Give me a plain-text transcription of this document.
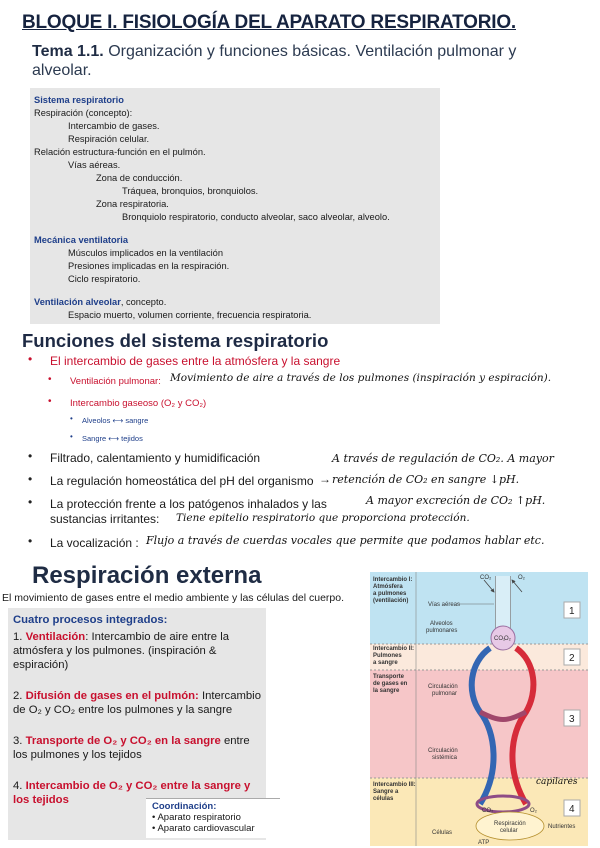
BLOQUE I. FISIOLOGÍA DEL APARATO RESPIRATORIO.
Tema 1.1. Organización y funciones básicas. Ventilación pulmonar y alveolar.
Sistema respiratorio
Respiración (concepto):
Intercambio de gases.
Respiración celular.
Relación estructura-función en el pulmón.
Vías aéreas.
Zona de conducción.
Tráquea, bronquios, bronquiolos.
Zona respiratoria.
Bronquiolo respiratorio, conducto alveolar, saco alveolar, alveolo.
Mecánica ventilatoria
Músculos implicados en la ventilación
Presiones implicadas en la respiración.
Ciclo respiratorio.
Ventilación alveolar, concepto.
Espacio muerto, volumen corriente, frecuencia respiratoria.
Funciones del sistema respiratorio
• El intercambio de gases entre la atmósfera y la sangre
• Ventilación pulmonar: Movimiento de aire a través de los pulmones (inspiración y espiración).
• Intercambio gaseoso (O₂ y CO₂)
• Alveolos ⟷ sangre
• Sangre ⟷ tejidos
• Filtrado, calentamiento y humidificación
• La regulación homeostática del pH del organismo →
A través de regulación de CO₂. A mayor
retención de CO₂ en sangre ↓pH.
A mayor excreción de CO₂ ↑pH.
• La protección frente a los patógenos inhalados y las
sustancias irritantes: Tiene epitelio respiratorio que proporciona protección.
• La vocalización : Flujo a través de cuerdas vocales que permite que podamos hablar etc.
Respiración externa
El movimiento de gases entre el medio ambiente y las células del cuerpo.
Cuatro procesos integrados:
1. Ventilación: Intercambio de aire entre la atmósfera y los pulmones. (inspiración & espiración)
2. Difusión de gases en el pulmón: Intercambio de O₂ y CO₂ entre los pulmones y la sangre
3. Transporte de O₂ y CO₂ en la sangre entre los pulmones y los tejidos
4. Intercambio de O₂ y CO₂ entre la sangre y los tejidos
Coordinación:
• Aparato respiratorio
• Aparato cardiovascular
Intercambio I:
Atmósfera
a pulmones
(ventilación)
Intercambio II:
Pulmones
a sangre
Transporte
de gases en
la sangre
Intercambio III:
Sangre a
células
CO₂	O₂
Vías aéreas
Alveolos
pulmonares
CO₂
O₂
Circulación
pulmonar
Circulación
sistémica
CO₂	O₂
Respiración
celular
Células
Nutrientes
ATP
capilares
1
2
3
4
